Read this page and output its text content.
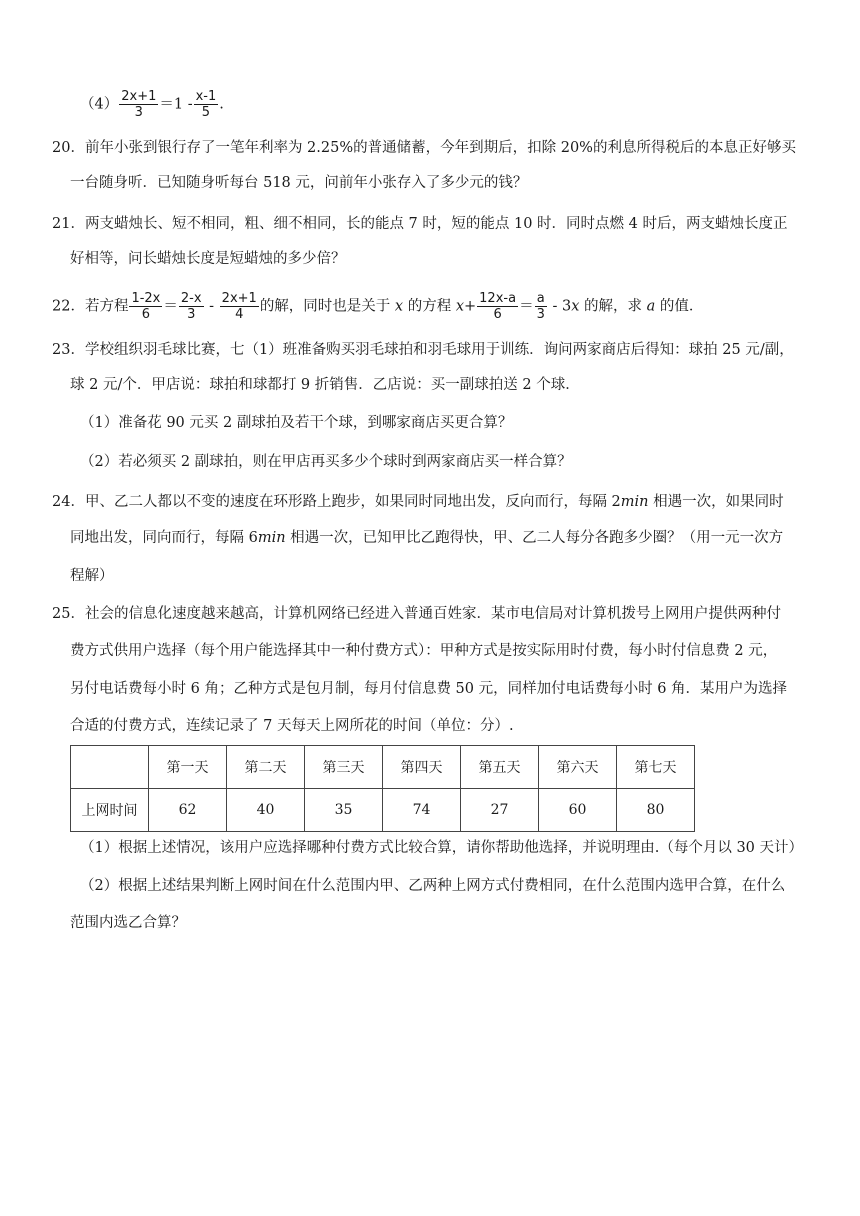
$(4) \frac{2x+1}{3} =1 - \frac{x-1}{5}$ .
20．前年小张到银行存了一笔年利率为 2.25%的普通储蓄，今年到期后，扣除 20%的利息所得税后的本息正好够买
一台随身听．已知随身听每台 518 元，问前年小张存入了多少元的钱？
21．两支蜡烛长、短不相同，粗、细不相同，长的能点 7 时，短的能点 10 时．同时点燃 4 时后，两支蜡烛长度正
好相等，问长蜡烛长度是短蜡烛的多少倍？
22．若方程 $\frac{1-2x}{6} = \frac{2-x}{3} - \frac{2x+1}{4}$ 的解，同时也是关于 x 的方程 $x+ \frac{12x-a}{6} = \frac{a}{3} - 3x$ 的解，求 a 的值．
23．学校组织羽毛球比赛，七（1）班准备购买羽毛球拍和羽毛球用于训练．询问两家商店后得知：球拍 25 元/副，
球 2 元/个．甲店说：球拍和球都打 9 折销售．乙店说：买一副球拍送 2 个球．
（1）准备花 90 元买 2 副球拍及若干个球，到哪家商店买更合算？
（2）若必须买 2 副球拍，则在甲店再买多少个球时到两家商店买一样合算？
24．甲、乙二人都以不变的速度在环形路上跑步，如果同时同地出发，反向而行，每隔 2min 相遇一次，如果同时
同地出发，同向而行，每隔 6min 相遇一次，已知甲比乙跑得快，甲、乙二人每分各跑多少圈？（用一元一次方
程解）
25．社会的信息化速度越来越高，计算机网络已经进入普通百姓家．某市电信局对计算机拨号上网用户提供两种付
费方式供用户选择（每个用户能选择其中一种付费方式）：甲种方式是按实际用时付费，每小时付信息费 2 元，
另付电话费每小时 6 角；乙种方式是包月制，每月付信息费 50 元，同样加付电话费每小时 6 角．某用户为选择
合适的付费方式，连续记录了 7 天每天上网所花的时间（单位：分）.
	第一天	第二天	第三天	第四天	第五天	第六天	第七天
上网时间	62	40	35	74	27	60	80
（1）根据上述情况，该用户应选择哪种付费方式比较合算，请你帮助他选择，并说明理由.（每个月以 30 天计）
（2）根据上述结果判断上网时间在什么范围内甲、乙两种上网方式付费相同，在什么范围内选甲合算，在什么
范围内选乙合算？
